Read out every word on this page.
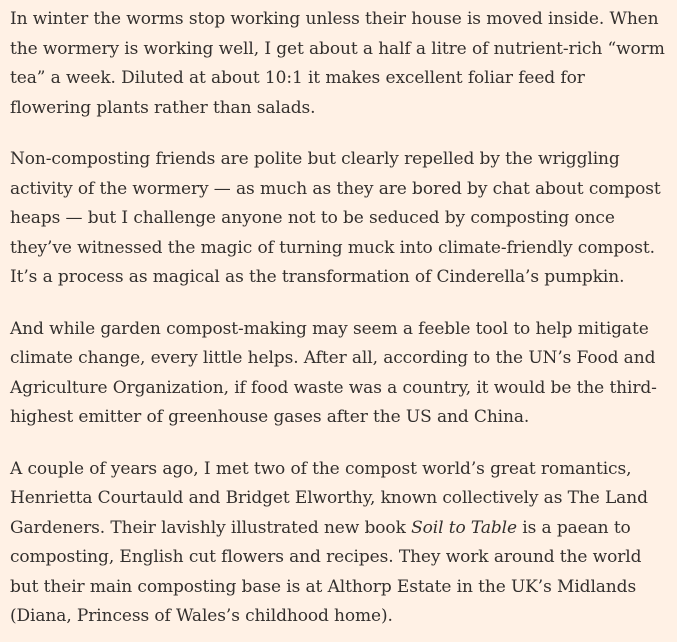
In winter the worms stop working unless their house is moved inside. When the wormery is working well, I get about a half a litre of nutrient-rich “worm tea” a week. Diluted at about 10:1 it makes excellent foliar feed for flowering plants rather than salads.

Non-composting friends are polite but clearly repelled by the wriggling activity of the wormery — as much as they are bored by chat about compost heaps — but I challenge anyone not to be seduced by composting once they’ve witnessed the magic of turning muck into climate-friendly compost. It’s a process as magical as the transformation of Cinderella’s pumpkin.

And while garden compost-making may seem a feeble tool to help mitigate climate change, every little helps. After all, according to the UN’s Food and Agriculture Organization, if food waste was a country, it would be the third-highest emitter of greenhouse gases after the US and China.

A couple of years ago, I met two of the compost world’s great romantics, Henrietta Courtauld and Bridget Elworthy, known collectively as The Land Gardeners. Their lavishly illustrated new book Soil to Table is a paean to composting, English cut flowers and recipes. They work around the world but their main composting base is at Althorp Estate in the UK’s Midlands (Diana, Princess of Wales’s childhood home).
